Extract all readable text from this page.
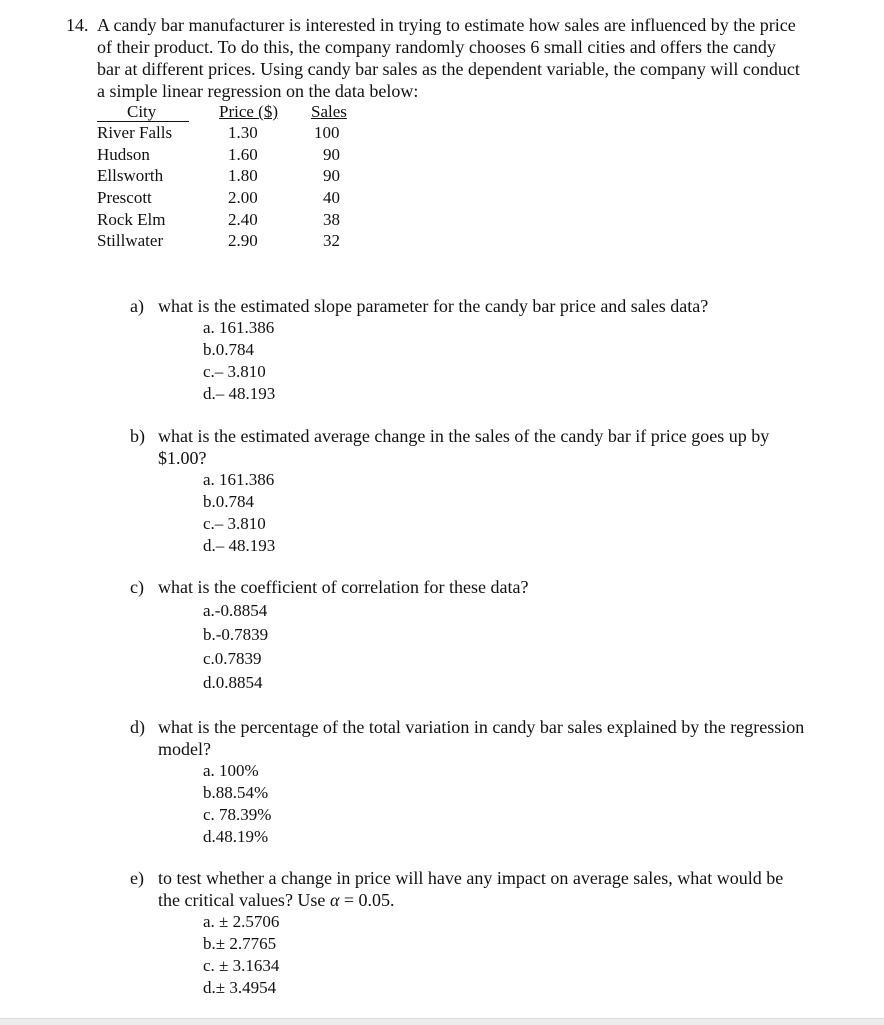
14. A candy bar manufacturer is interested in trying to estimate how sales are influenced by the price
of their product. To do this, the company randomly chooses 6 small cities and offers the candy
bar at different prices. Using candy bar sales as the dependent variable, the company will conduct
a simple linear regression on the data below:
City	Price ($) Sales
River Falls	1.30	100
Hudson	1.60	90
Ellsworth	1.80	90
Prescott	2.00	40
Rock Elm	2.40	38
Stillwater	2.90	32
a) what is the estimated slope parameter for the candy bar price and sales data?
a. 161.386
b.0.784
c.– 3.810
d.– 48.193
b) what is the estimated average change in the sales of the candy bar if price goes up by
$1.00?
a. 161.386
b.0.784
c.– 3.810
d.– 48.193
c) what is the coefficient of correlation for these data?
a.-0.8854
b.-0.7839
c.0.7839
d.0.8854
d) what is the percentage of the total variation in candy bar sales explained by the regression
model?
a. 100%
b.88.54%
c. 78.39%
d.48.19%
e) to test whether a change in price will have any impact on average sales, what would be
the critical values? Use α = 0.05.
a. ± 2.5706
b.± 2.7765
c. ± 3.1634
d.± 3.4954
